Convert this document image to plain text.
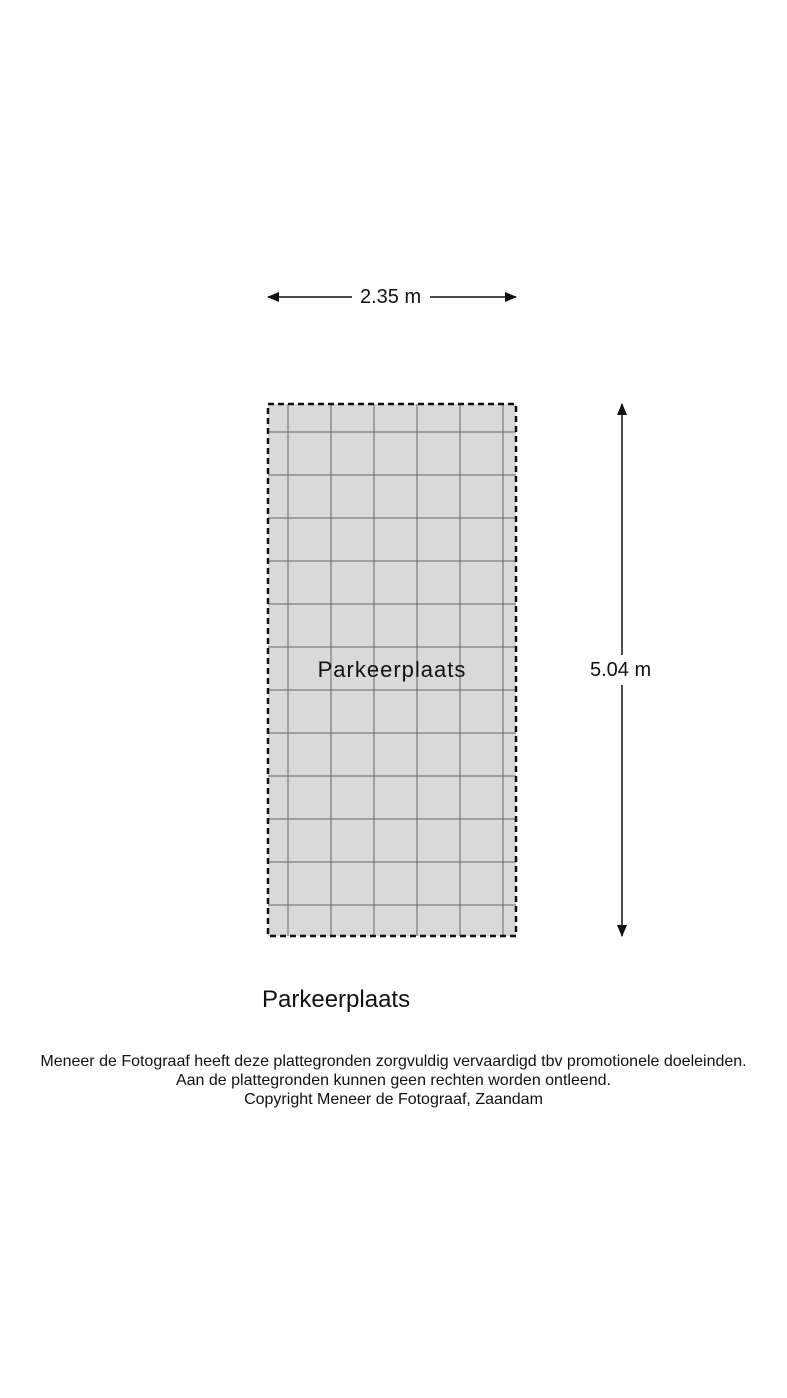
2.35 m
5.04 m
Parkeerplaats
Parkeerplaats
Meneer de Fotograaf heeft deze plattegronden zorgvuldig vervaardigd tbv promotionele doeleinden.
Aan de plattegronden kunnen geen rechten worden ontleend.
Copyright Meneer de Fotograaf, Zaandam
